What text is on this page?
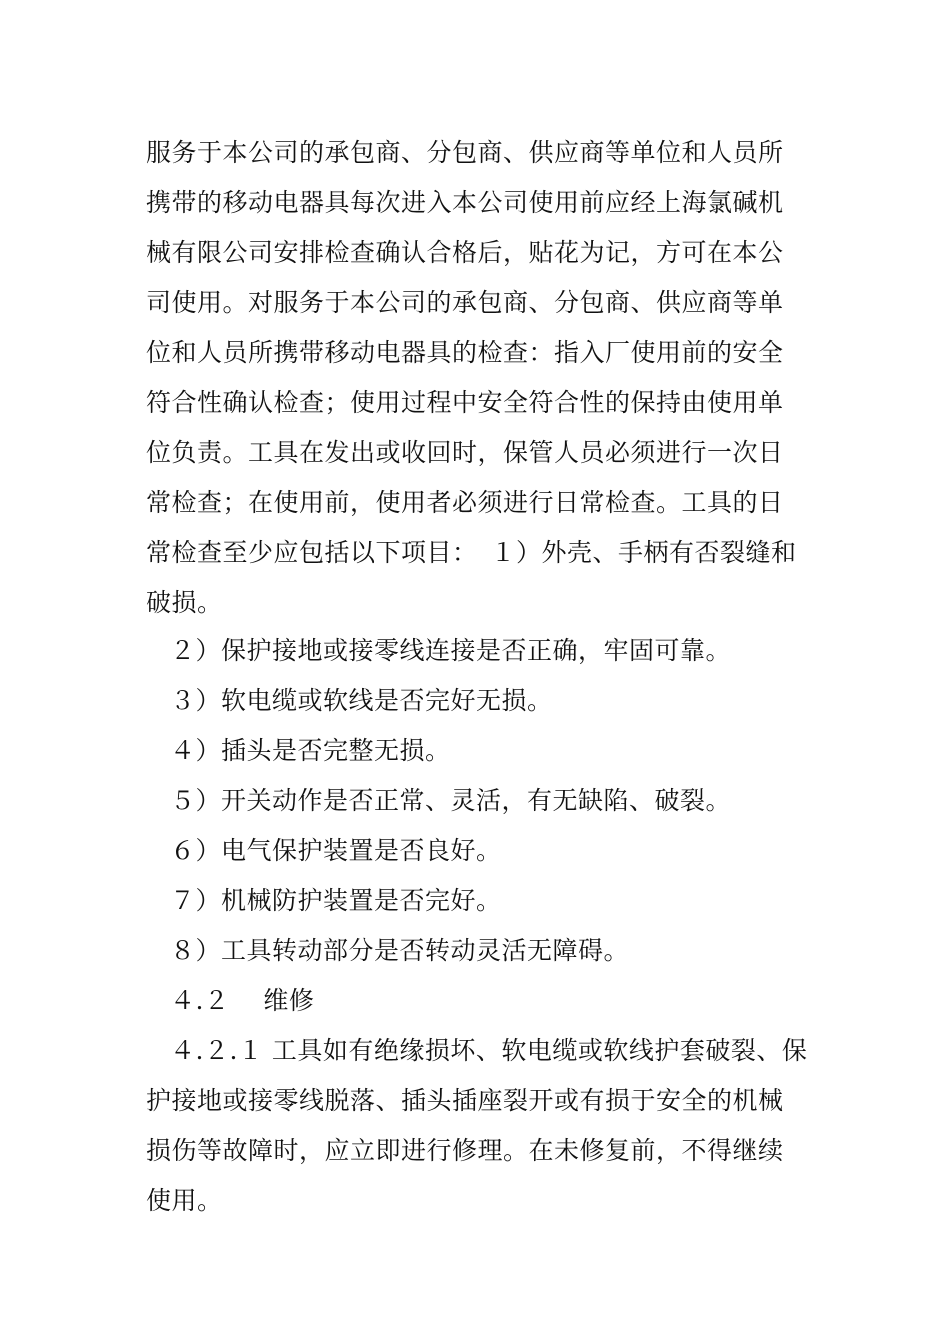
服务于本公司的承包商、分包商、供应商等单位和人员所
携带的移动电器具每次进入本公司使用前应经上海氯碱机
械有限公司安排检查确认合格后，贴花为记，方可在本公
司使用。对服务于本公司的承包商、分包商、供应商等单
位和人员所携带移动电器具的检查：指入厂使用前的安全
符合性确认检查；使用过程中安全符合性的保持由使用单
位负责。工具在发出或收回时，保管人员必须进行一次日
常检查；在使用前，使用者必须进行日常检查。工具的日
常检查至少应包括以下项目：　１）外壳、手柄有否裂缝和
破损。
２）保护接地或接零线连接是否正确，牢固可靠。
３）软电缆或软线是否完好无损。
４）插头是否完整无损。
５）开关动作是否正常、灵活，有无缺陷、破裂。
６）电气保护装置是否良好。
７）机械防护装置是否完好。
８）工具转动部分是否转动灵活无障碍。
４.２　 维修
４.２.１ 工具如有绝缘损坏、软电缆或软线护套破裂、保
护接地或接零线脱落、插头插座裂开或有损于安全的机械
损伤等故障时，应立即进行修理。在未修复前，不得继续
使用。
